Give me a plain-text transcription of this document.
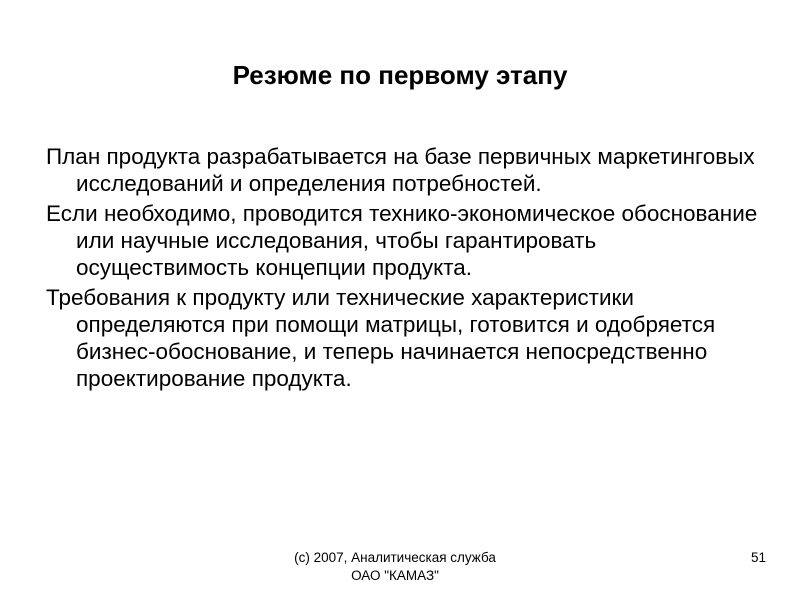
Резюме по первому этапу
План продукта разрабатывается на базе первичных маркетинговых исследований и определения потребностей.
Если необходимо, проводится технико-экономическое обоснование или научные исследования, чтобы гарантировать осуществимость концепции продукта.
Требования к продукту или технические характеристики определяются при помощи матрицы, готовится и одобряется бизнес-обоснование, и теперь начинается непосредственно проектирование продукта.
(c) 2007, Аналитическая служба
ОАО "КАМАЗ"
51
